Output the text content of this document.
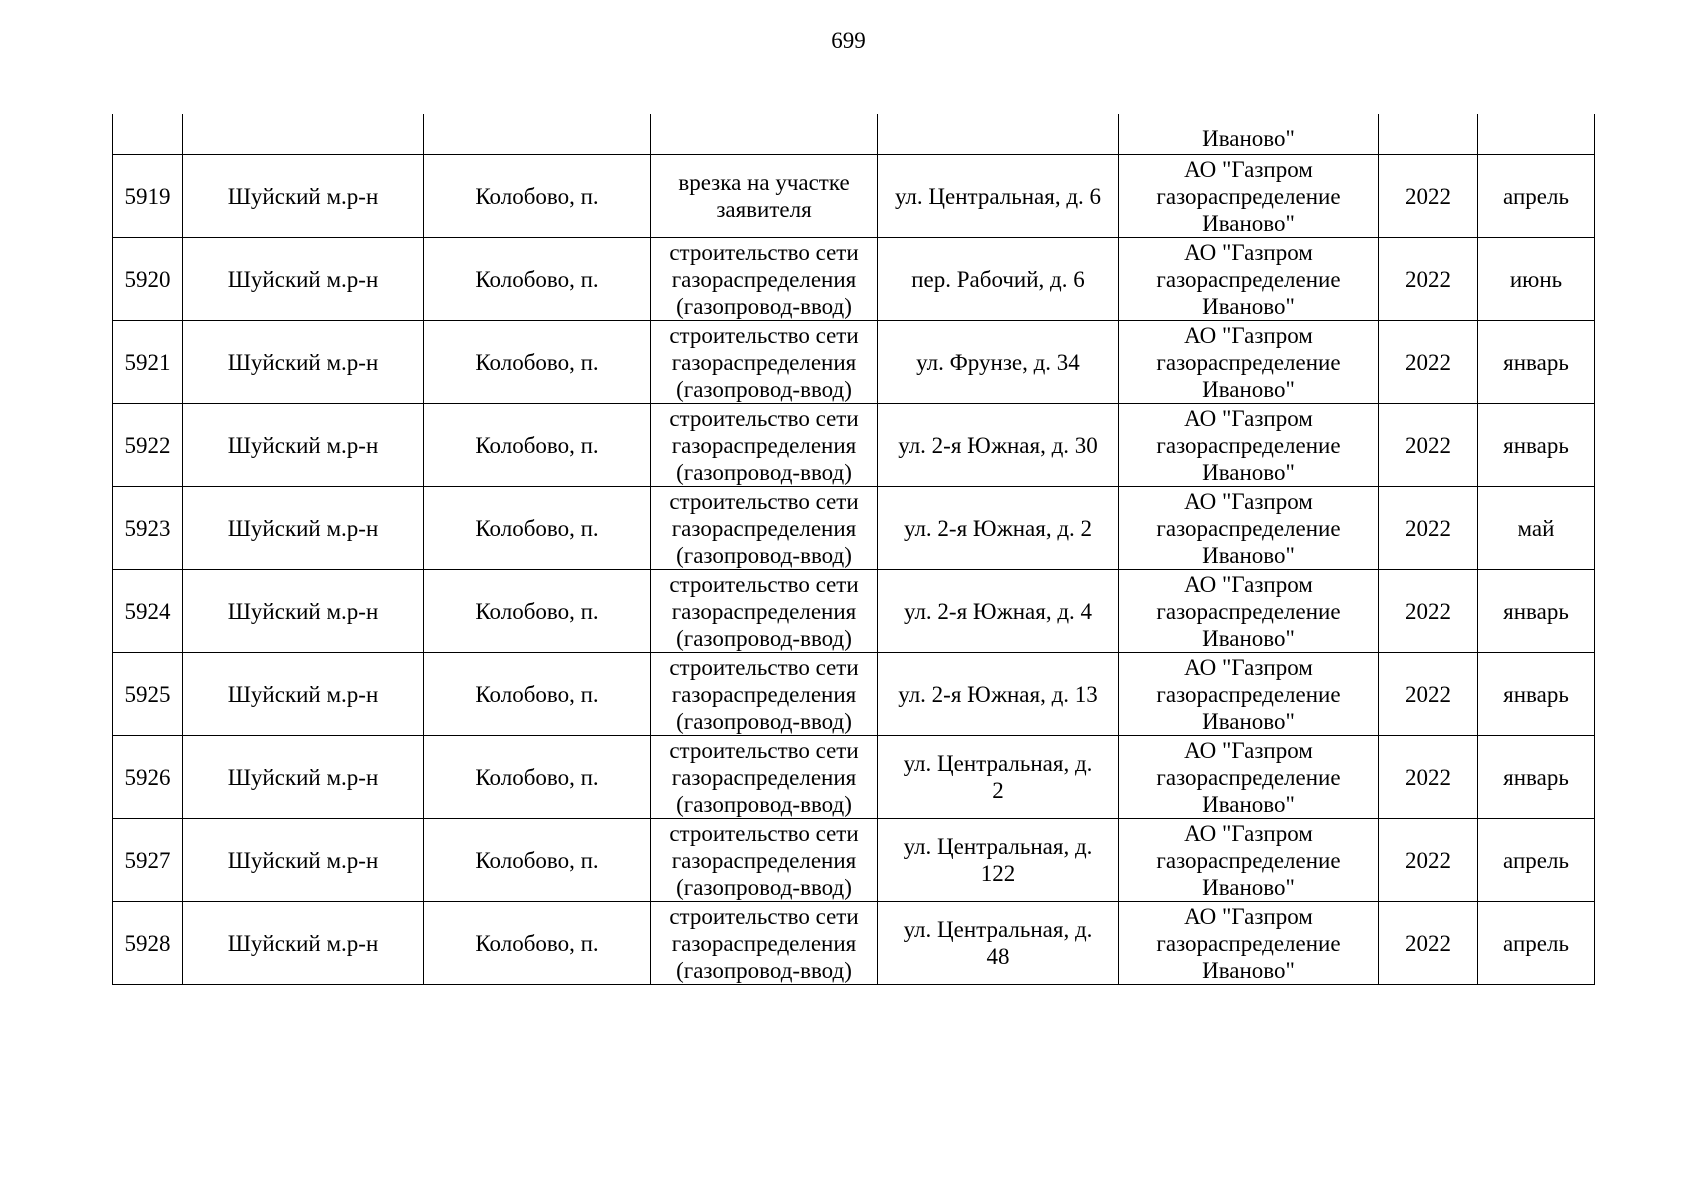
699
					Иваново"		
5919	Шуйский м.р-н	Колобово, п.	врезка на участке
заявителя	ул. Центральная, д. 6	АО "Газпром
газораспределение
Иваново"	2022	апрель
5920	Шуйский м.р-н	Колобово, п.	строительство сети
газораспределения
(газопровод-ввод)	пер. Рабочий, д. 6	АО "Газпром
газораспределение
Иваново"	2022	июнь
5921	Шуйский м.р-н	Колобово, п.	строительство сети
газораспределения
(газопровод-ввод)	ул. Фрунзе, д. 34	АО "Газпром
газораспределение
Иваново"	2022	январь
5922	Шуйский м.р-н	Колобово, п.	строительство сети
газораспределения
(газопровод-ввод)	ул. 2-я Южная, д. 30	АО "Газпром
газораспределение
Иваново"	2022	январь
5923	Шуйский м.р-н	Колобово, п.	строительство сети
газораспределения
(газопровод-ввод)	ул. 2-я Южная, д. 2	АО "Газпром
газораспределение
Иваново"	2022	май
5924	Шуйский м.р-н	Колобово, п.	строительство сети
газораспределения
(газопровод-ввод)	ул. 2-я Южная, д. 4	АО "Газпром
газораспределение
Иваново"	2022	январь
5925	Шуйский м.р-н	Колобово, п.	строительство сети
газораспределения
(газопровод-ввод)	ул. 2-я Южная, д. 13	АО "Газпром
газораспределение
Иваново"	2022	январь
5926	Шуйский м.р-н	Колобово, п.	строительство сети
газораспределения
(газопровод-ввод)	ул. Центральная, д.
2	АО "Газпром
газораспределение
Иваново"	2022	январь
5927	Шуйский м.р-н	Колобово, п.	строительство сети
газораспределения
(газопровод-ввод)	ул. Центральная, д.
122	АО "Газпром
газораспределение
Иваново"	2022	апрель
5928	Шуйский м.р-н	Колобово, п.	строительство сети
газораспределения
(газопровод-ввод)	ул. Центральная, д.
48	АО "Газпром
газораспределение
Иваново"	2022	апрель
